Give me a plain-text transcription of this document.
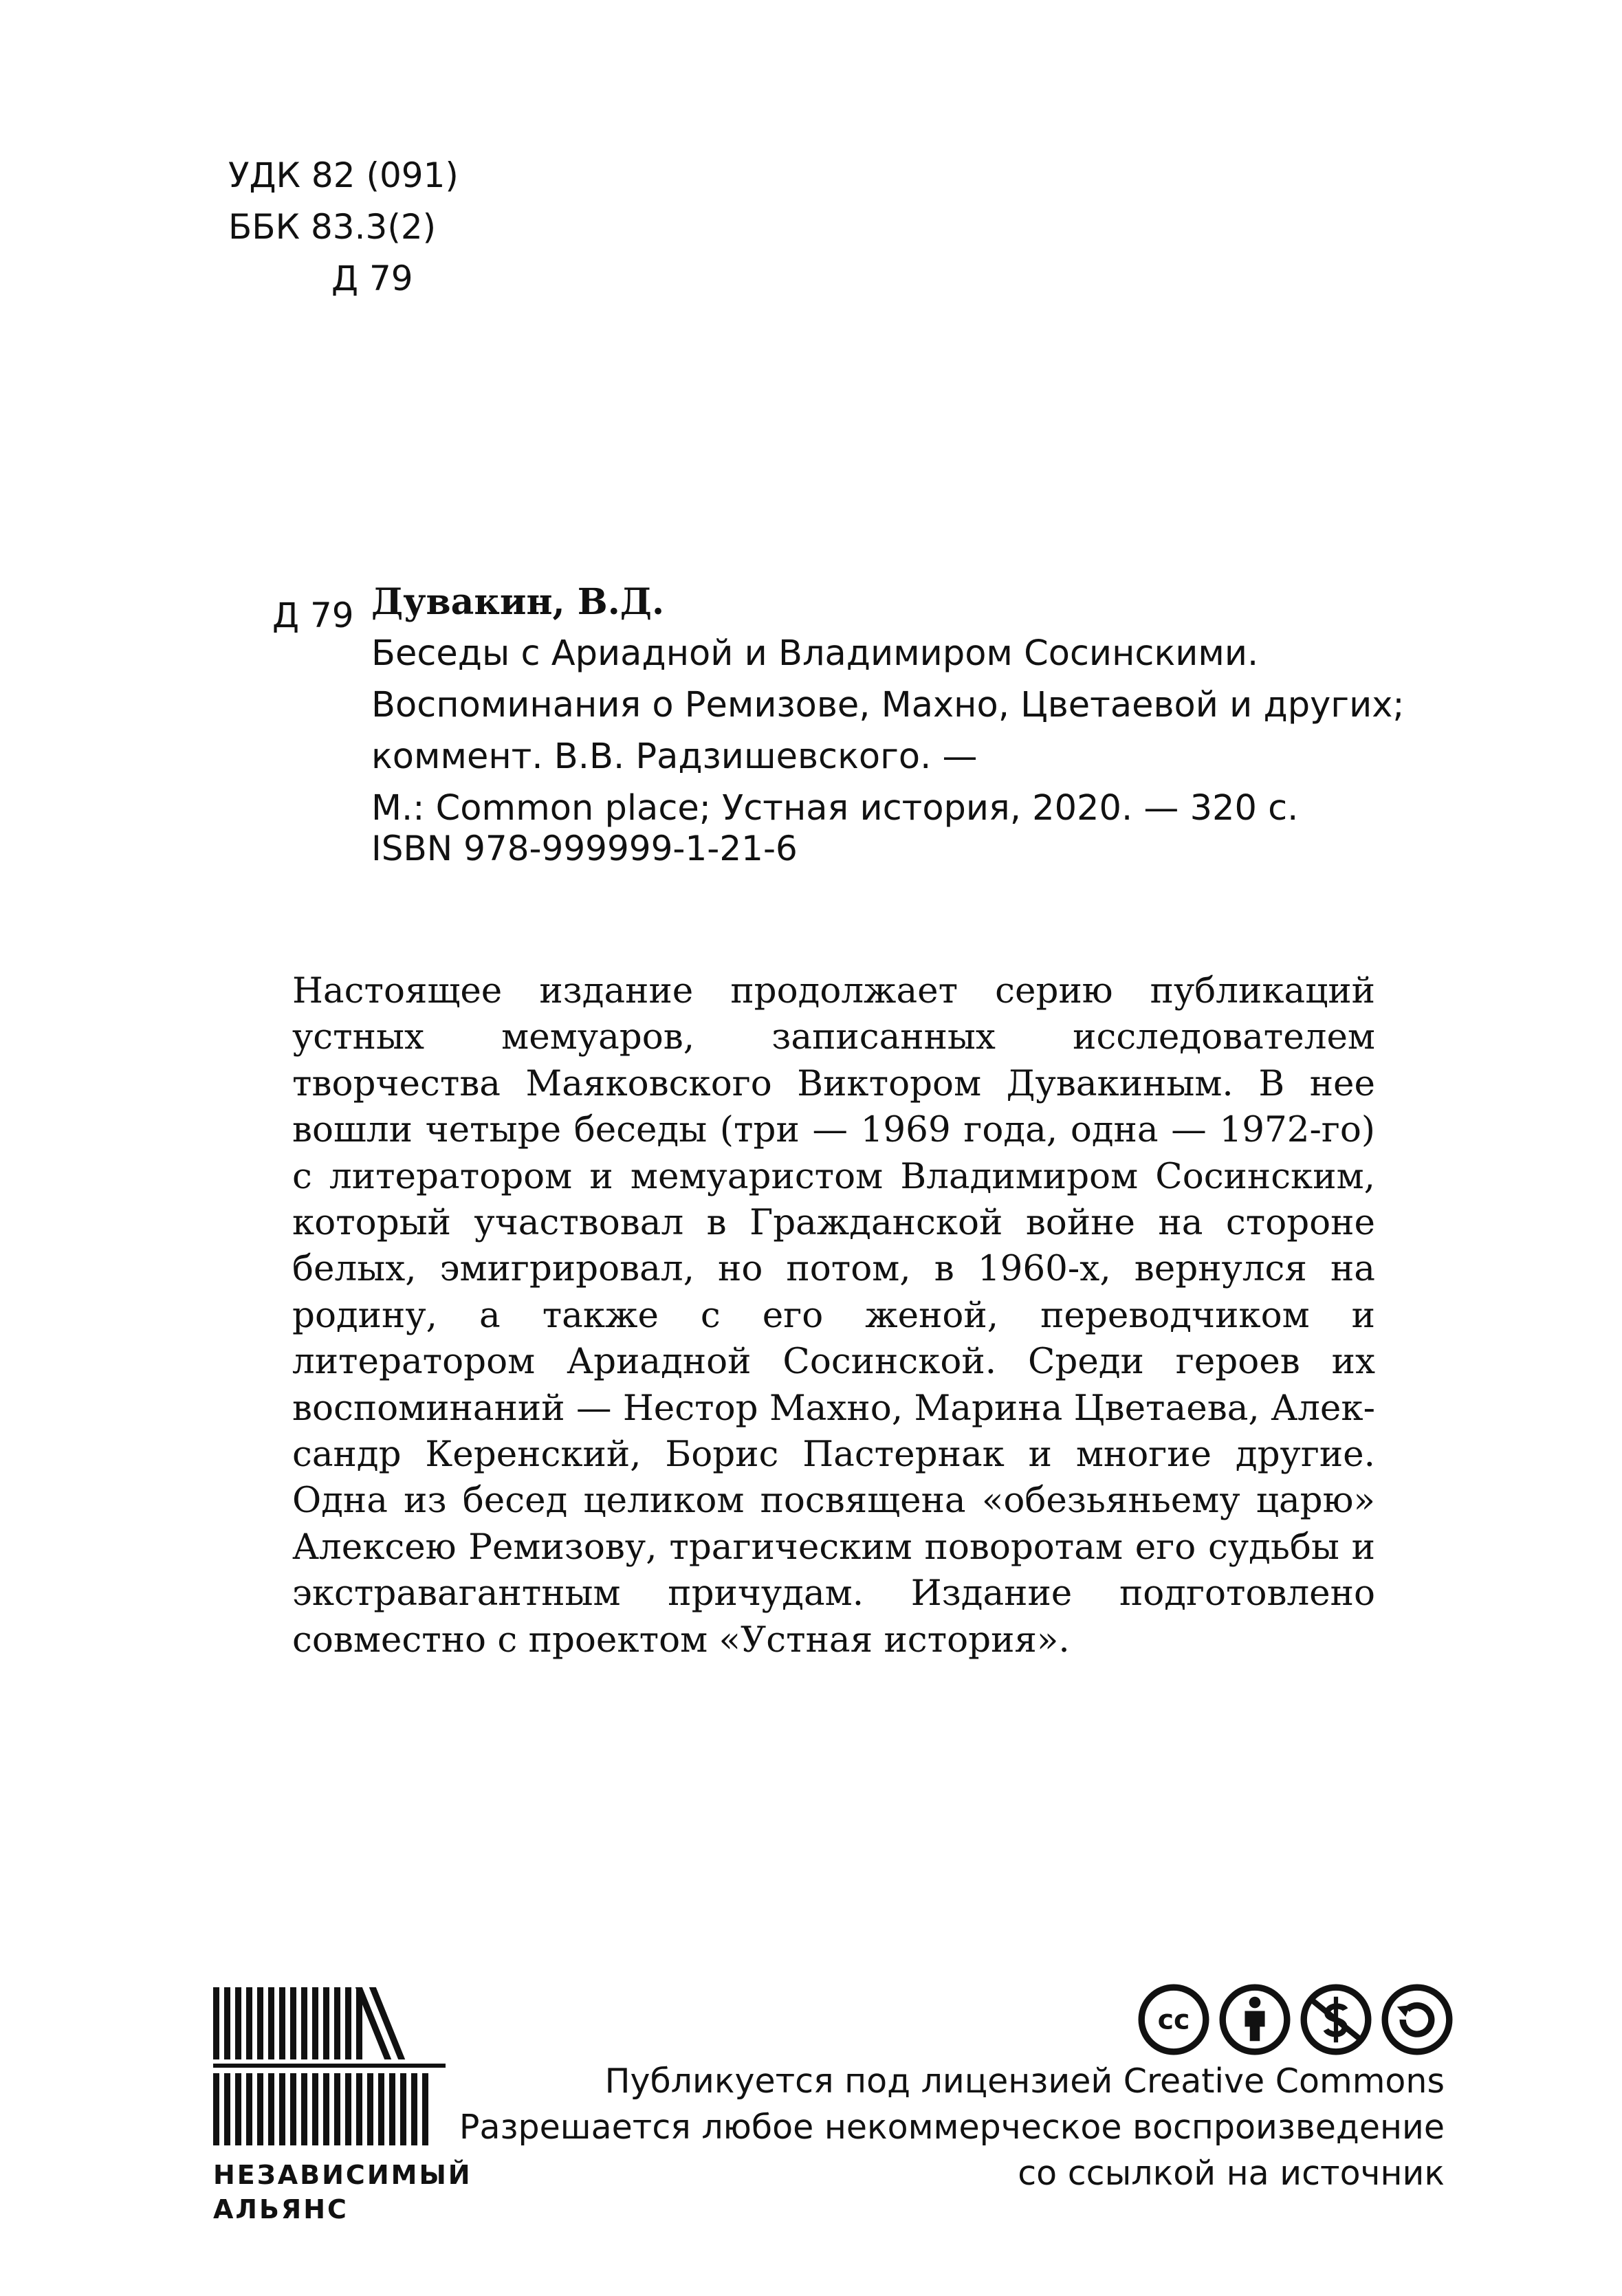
УДК 82 (091)
ББК 83.3(2)
Д 79
Д 79 Дувакин, В.Д.
Беседы с Ариадной и Владимиром Сосинскими.
Воспоминания о Ремизове, Махно, Цветаевой и других;
коммент. В.В. Радзишевского. —
М.: Common place; Устная история, 2020. — 320 с.
ISBN 978-999999-1-21-6
Настоящее издание продолжает серию публикаций устных мемуаров, записанных исследователем творчества Маяковского Виктором Дувакиным. В нее вошли четыре беседы (три — 1969 года, одна — 1972-го) с литератором и мемуаристом Владимиром Сосинским, который участвовал в Гражданской войне на стороне белых, эмигрировал, но потом, в 1960-х, вернулся на родину, а также с его женой, переводчиком и литератором Ариадной Сосинской. Среди героев их воспоминаний — Нестор Махно, Марина Цветаева, Александр Керенский, Борис Пастернак и многие другие. Одна из бесед целиком посвящена «обезьяньему царю» Алексею Ремизову, трагическим поворотам его судьбы и экстравагантным причудам. Издание подготовлено совместно с проектом «Устная история».
НЕЗАВИСИМЫЙ
АЛЬЯНС
cc
Публикуется под лицензией Creative Commons
Разрешается любое некоммерческое воспроизведение
со ссылкой на источник
